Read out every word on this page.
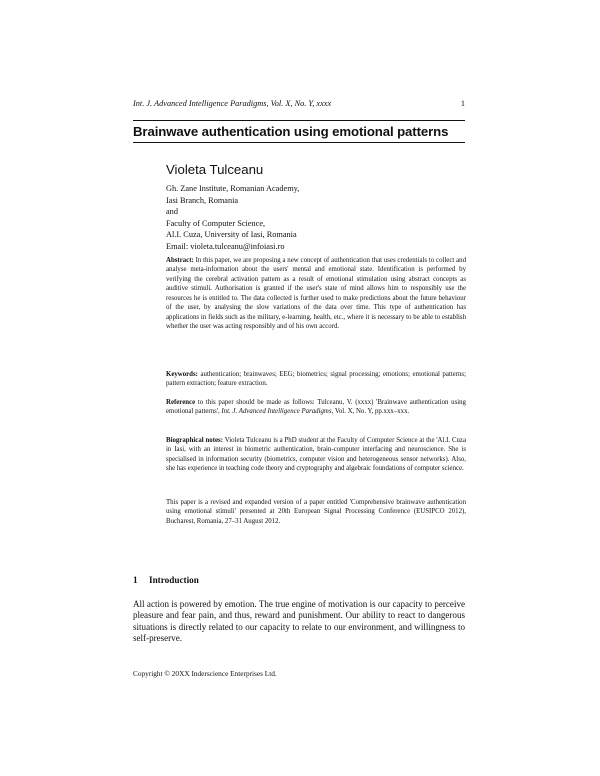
Int. J. Advanced Intelligence Paradigms, Vol. X, No. Y, xxxx	1
Brainwave authentication using emotional patterns
Violeta Tulceanu
Gh. Zane Institute, Romanian Academy,
Iasi Branch, Romania
and
Faculty of Computer Science,
Al.I. Cuza, University of Iasi, Romania
Email: violeta.tulceanu@infoiasi.ro

Abstract: In this paper, we are proposing a new concept of authentication that uses credentials to collect and analyse meta-information about the users' mental and emotional state. Identification is performed by verifying the cerebral activation pattern as a result of emotional stimulation using abstract concepts as auditive stimuli. Authorisation is granted if the user's state of mind allows him to responsibly use the resources he is entitled to. The data collected is further used to make predictions about the future behaviour of the user, by analysing the slow variations of the data over time. This type of authentication has applications in fields such as the military, e-learning, health, etc., where it is necessary to be able to establish whether the user was acting responsibly and of his own accord.

Keywords: authentication; brainwaves; EEG; biometrics; signal processing; emotions; emotional patterns; pattern extraction; feature extraction.

Reference to this paper should be made as follows: Tulceanu, V. (xxxx) 'Brainwave authentication using emotional patterns', Int. J. Advanced Intelligence Paradigms, Vol. X, No. Y, pp.xxx–xxx.

Biographical notes: Violeta Tulceanu is a PhD student at the Faculty of Computer Science at the 'Al.I. Cuza in Iasi, with an interest in biometric authentication, brain-computer interfacing and neuroscience. She is specialised in information security (biometrics, computer vision and heterogeneous sensor networks). Also, she has experience in teaching code theory and cryptography and algebraic foundations of computer science.

This paper is a revised and expanded version of a paper entitled 'Comprehensive brainwave authentication using emotional stimuli' presented at 20th European Signal Processing Conference (EUSIPCO 2012), Bucharest, Romania, 27–31 August 2012.

1 Introduction

All action is powered by emotion. The true engine of motivation is our capacity to perceive pleasure and fear pain, and thus, reward and punishment. Our ability to react to dangerous situations is directly related to our capacity to relate to our environment, and willingness to self-preserve.

Copyright © 20XX Inderscience Enterprises Ltd.
